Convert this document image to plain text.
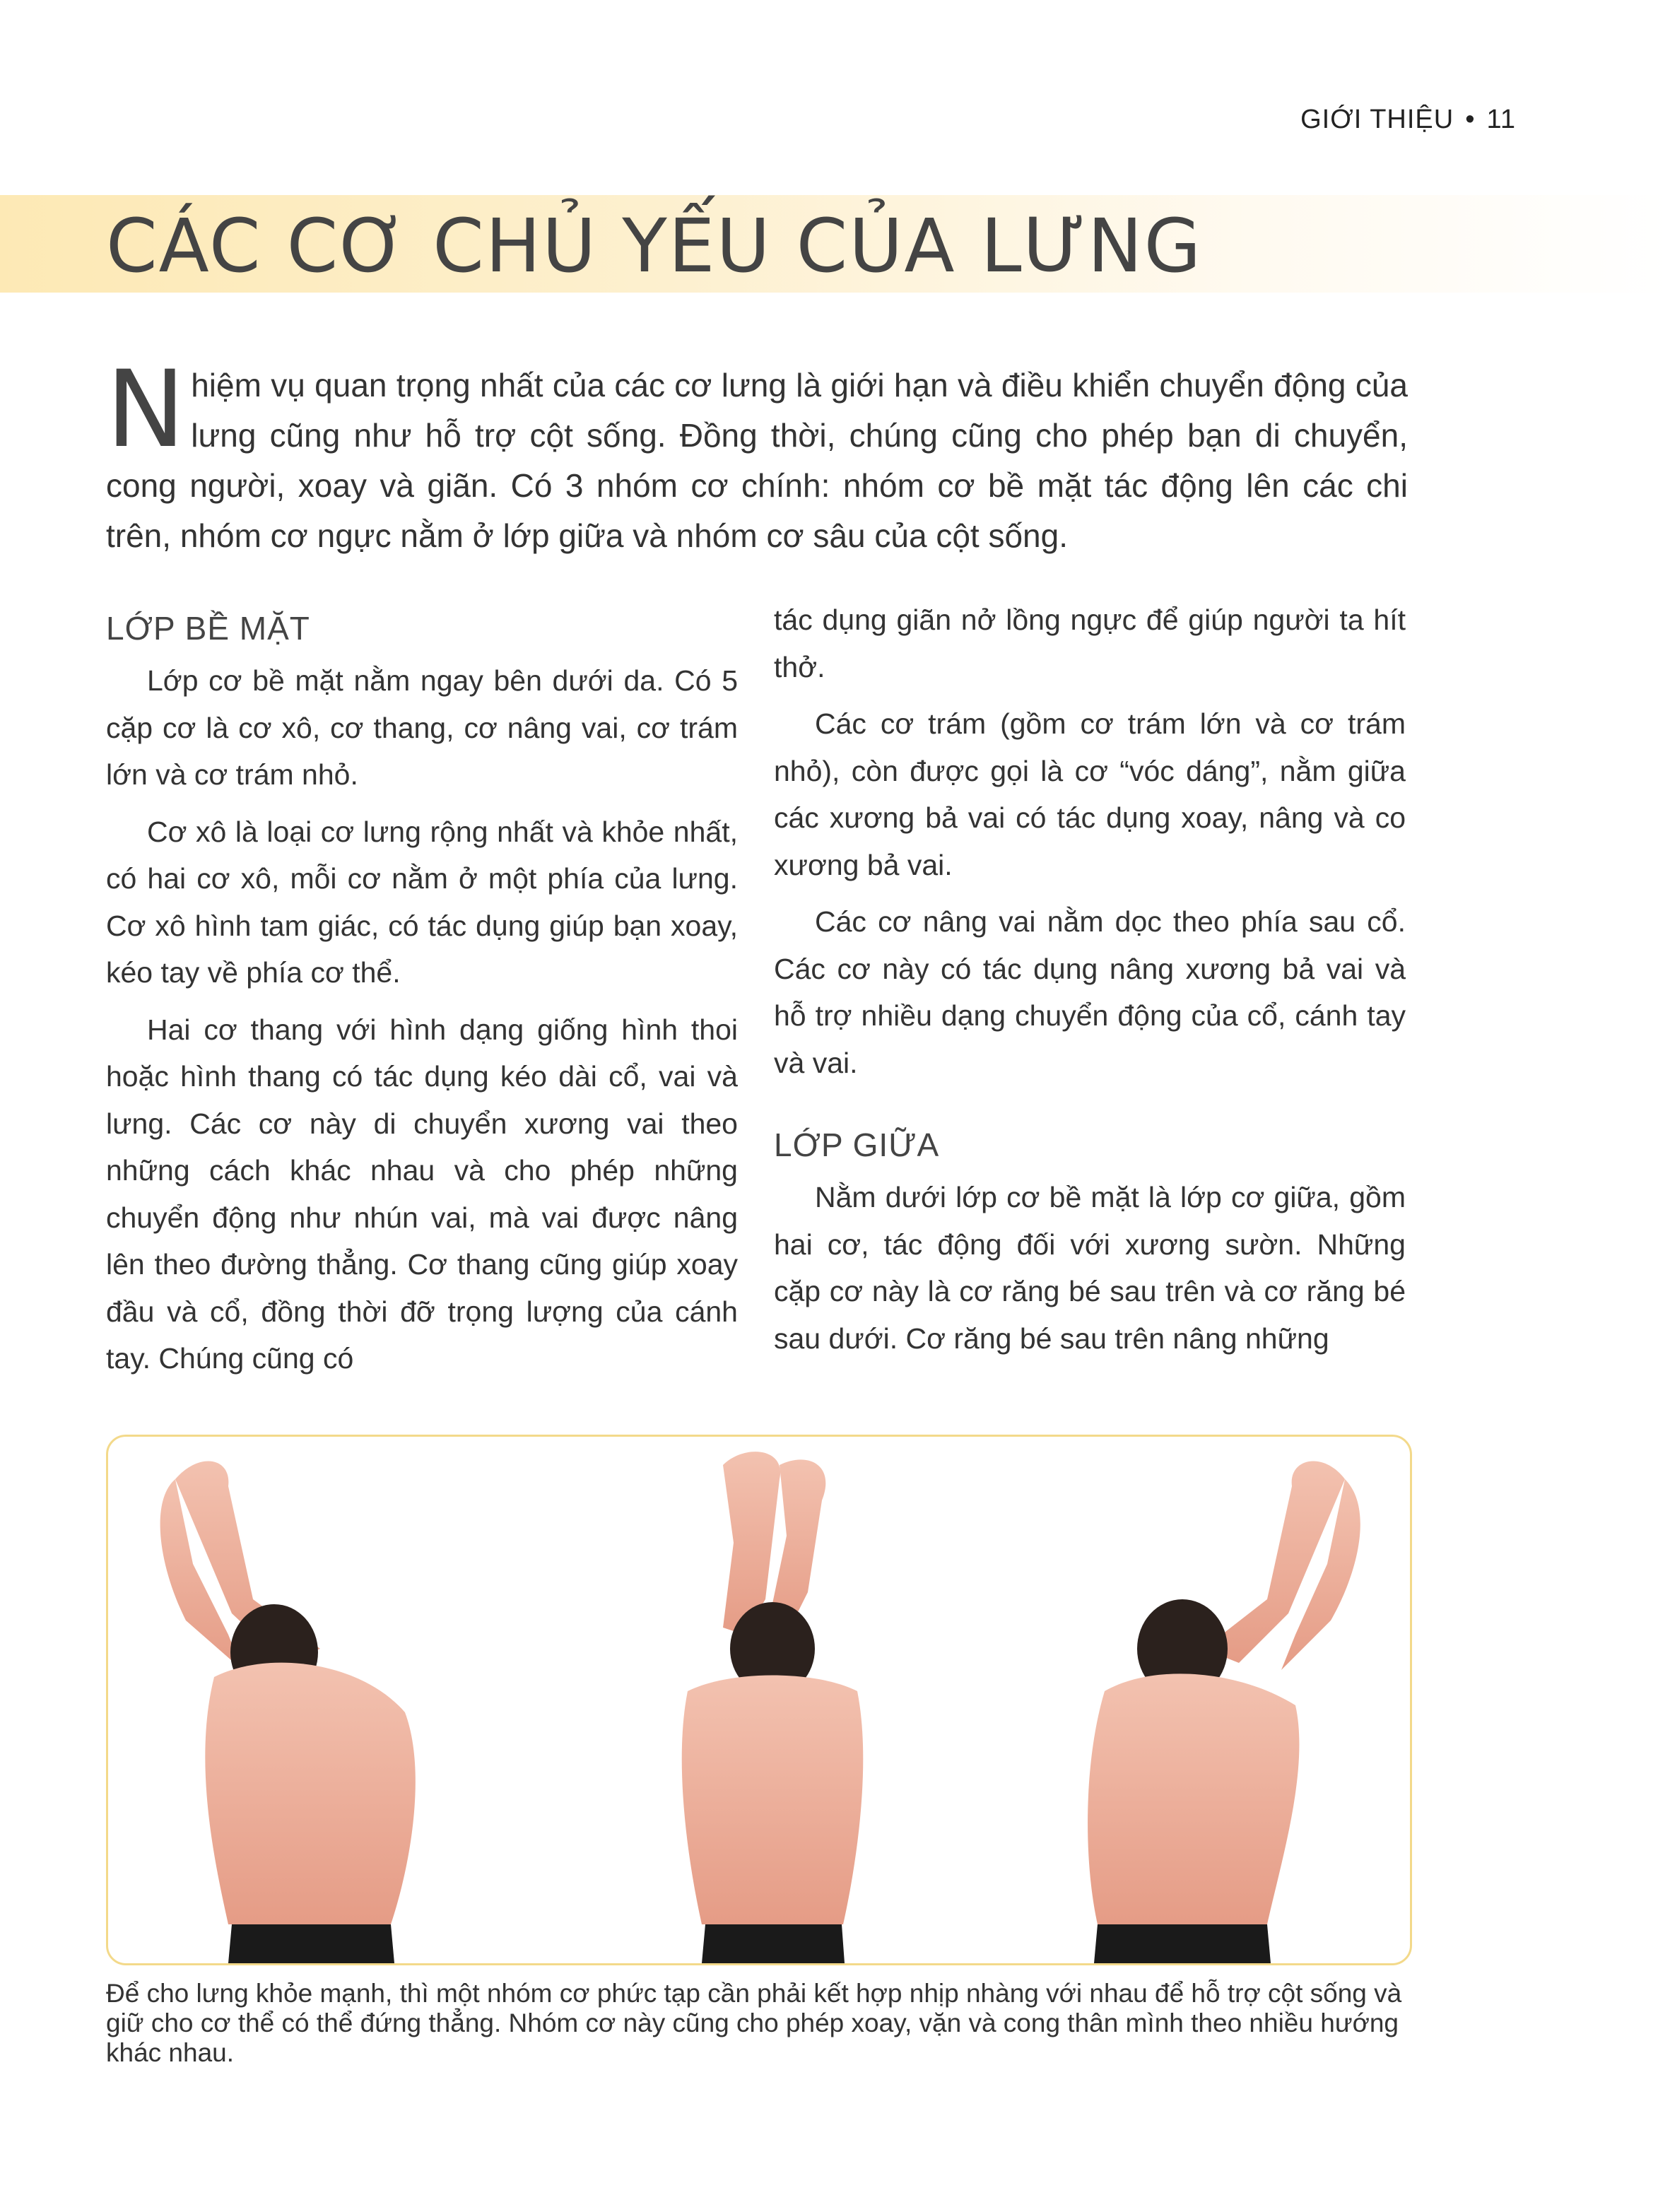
GIỚI THIỆU • 11
CÁC CƠ CHỦ YẾU CỦA LƯNG

Nhiệm vụ quan trọng nhất của các cơ lưng là giới hạn và điều khiển chuyển động của lưng cũng như hỗ trợ cột sống. Đồng thời, chúng cũng cho phép bạn di chuyển, cong người, xoay và giãn. Có 3 nhóm cơ chính: nhóm cơ bề mặt tác động lên các chi trên, nhóm cơ ngực nằm ở lớp giữa và nhóm cơ sâu của cột sống.

LỚP BỀ MẶT

Lớp cơ bề mặt nằm ngay bên dưới da. Có 5 cặp cơ là cơ xô, cơ thang, cơ nâng vai, cơ trám lớn và cơ trám nhỏ.

Cơ xô là loại cơ lưng rộng nhất và khỏe nhất, có hai cơ xô, mỗi cơ nằm ở một phía của lưng. Cơ xô hình tam giác, có tác dụng giúp bạn xoay, kéo tay về phía cơ thể.

Hai cơ thang với hình dạng giống hình thoi hoặc hình thang có tác dụng kéo dài cổ, vai và lưng. Các cơ này di chuyển xương vai theo những cách khác nhau và cho phép những chuyển động như nhún vai, mà vai được nâng lên theo đường thẳng. Cơ thang cũng giúp xoay đầu và cổ, đồng thời đỡ trọng lượng của cánh tay. Chúng cũng có

tác dụng giãn nở lồng ngực để giúp người ta hít thở.

Các cơ trám (gồm cơ trám lớn và cơ trám nhỏ), còn được gọi là cơ “vóc dáng”, nằm giữa các xương bả vai có tác dụng xoay, nâng và co xương bả vai.

Các cơ nâng vai nằm dọc theo phía sau cổ. Các cơ này có tác dụng nâng xương bả vai và hỗ trợ nhiều dạng chuyển động của cổ, cánh tay và vai.

LỚP GIỮA

Nằm dưới lớp cơ bề mặt là lớp cơ giữa, gồm hai cơ, tác động đối với xương sườn. Những cặp cơ này là cơ răng bé sau trên và cơ răng bé sau dưới. Cơ răng bé sau trên nâng những

Để cho lưng khỏe mạnh, thì một nhóm cơ phức tạp cần phải kết hợp nhịp nhàng với nhau để hỗ trợ cột sống và giữ cho cơ thể có thể đứng thẳng. Nhóm cơ này cũng cho phép xoay, vặn và cong thân mình theo nhiều hướng khác nhau.
